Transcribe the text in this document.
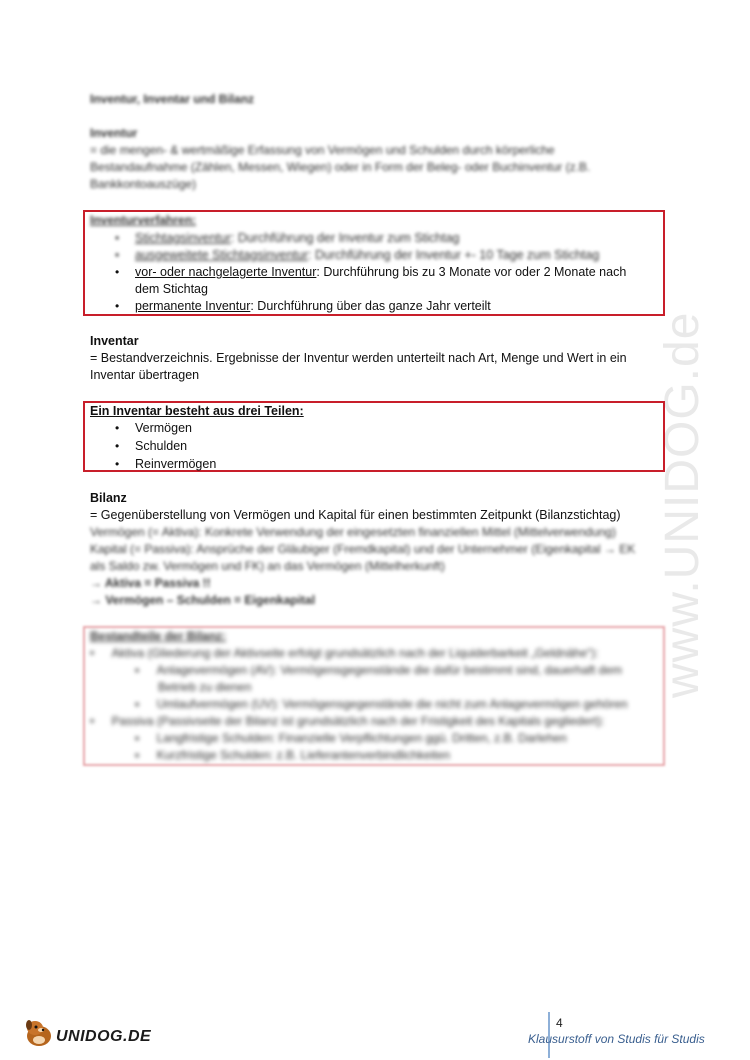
www.UNIDOG.de
Inventur, Inventar und Bilanz
Inventur
= die mengen- & wertmäßige Erfassung von Vermögen und Schulden durch körperliche
Bestandaufnahme (Zählen, Messen, Wiegen) oder in Form der Beleg- oder Buchinventur (z.B.
Bankkontoauszüge)
Inventurverfahren:
• Stichtagsinventur: Durchführung der Inventur zum Stichtag
• ausgeweitete Stichtagsinventur: Durchführung der Inventur +- 10 Tage zum Stichtag
• vor- oder nachgelagerte Inventur: Durchführung bis zu 3 Monate vor oder 2 Monate nach
dem Stichtag
• permanente Inventur: Durchführung über das ganze Jahr verteilt
Inventar
= Bestandverzeichnis. Ergebnisse der Inventur werden unterteilt nach Art, Menge und Wert in ein
Inventar übertragen
Ein Inventar besteht aus drei Teilen:
• Vermögen
• Schulden
• Reinvermögen
Bilanz
= Gegenüberstellung von Vermögen und Kapital für einen bestimmten Zeitpunkt (Bilanzstichtag)
Vermögen (= Aktiva): Konkrete Verwendung der eingesetzten finanziellen Mittel (Mittelverwendung)
Kapital (= Passiva): Ansprüche der Gläubiger (Fremdkapital) und der Unternehmer (Eigenkapital → EK
als Saldo zw. Vermögen und FK) an das Vermögen (Mittelherkunft)
→ Aktiva = Passiva !!
→ Vermögen – Schulden = Eigenkapital
Bestandteile der Bilanz:
• Aktiva (Gliederung der Aktivseite erfolgt grundsätzlich nach der Liquiderbarkeit „Geldnähe“):
▪ Anlagevermögen (AV): Vermögensgegenstände die dafür bestimmt sind, dauerhaft dem
Betrieb zu dienen
▪ Umlaufvermögen (UV): Vermögensgegenstände die nicht zum Anlagevermögen gehören
• Passiva (Passivseite der Bilanz ist grundsätzlich nach der Fristigkeit des Kapitals gegliedert):
▪ Langfristige Schulden: Finanzielle Verpflichtungen ggü. Dritten, z.B. Darlehen
▪ Kurzfristige Schulden: z.B. Lieferantenverbindlichkeiten
UNIDOG.DE
4
Klausurstoff von Studis für Studis
